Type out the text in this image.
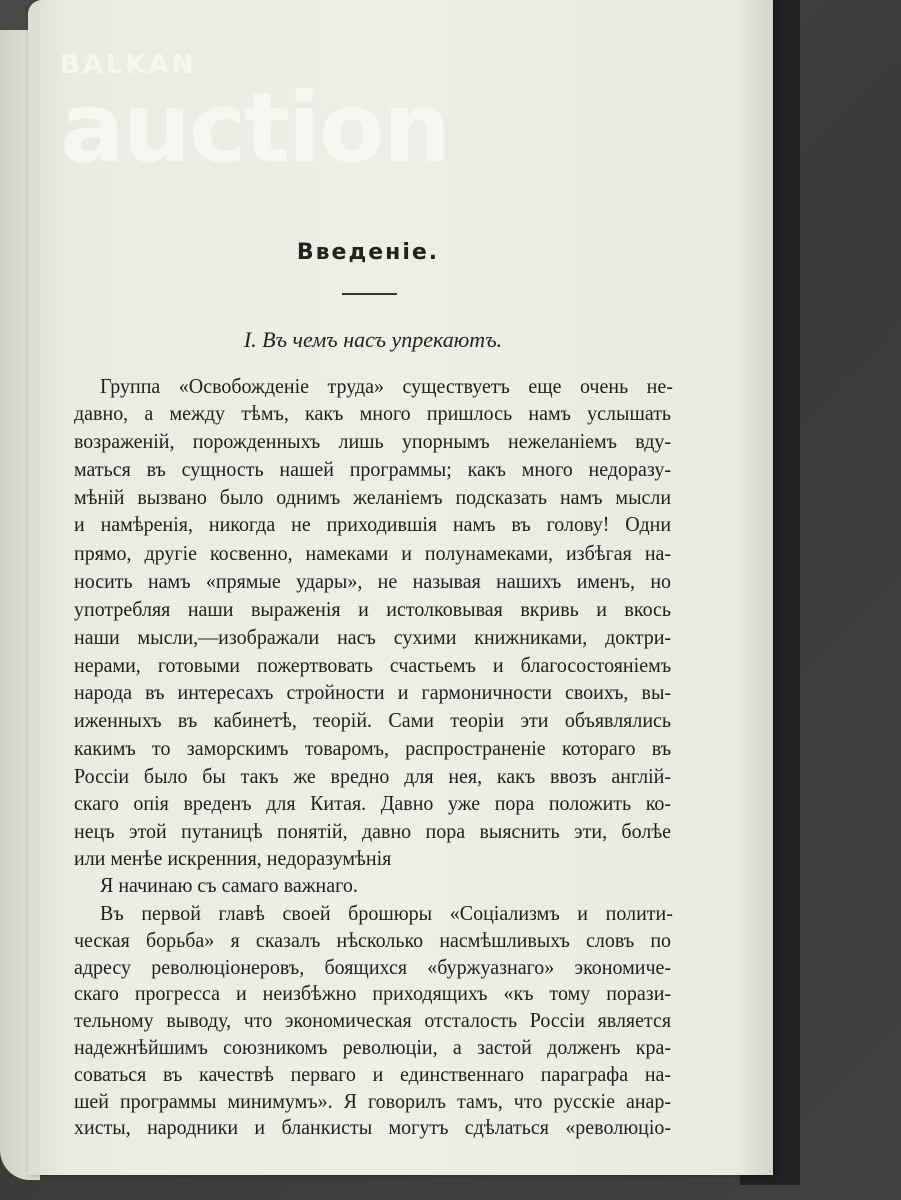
Введенie.
I. Въ чемъ насъ упрекаютъ.
Группа «Освобожденіе труда» существуетъ еще очень не-
давно, а между тѣмъ, какъ много пришлось намъ услышать
возраженій, порожденныхъ лишь упорнымъ нежеланіемъ вду-
маться въ сущность нашей программы; какъ много недоразу-
мѣній вызвано было однимъ желаніемъ подсказать намъ мысли
и намѣренія, никогда не приходившія намъ въ голову! Одни
прямо, другіе косвенно, намеками и полунамеками, избѣгая на-
носить намъ «прямые удары», не называя нашихъ именъ, но
употребляя наши выраженія и истолковывая вкривь и вкось
наши мысли,—изображали насъ сухими книжниками, доктри-
нерами, готовыми пожертвовать счастьемъ и благосостояніемъ
народа въ интересахъ стройности и гармоничности своихъ, вы-
иженныхъ въ кабинетѣ, теорій. Сами теоріи эти объявлялись
какимъ то заморскимъ товаромъ, распространеніе котораго въ
Россіи было бы такъ же вредно для нея, какъ ввозъ англій-
скаго опія вреденъ для Китая. Давно уже пора положить ко-
нецъ этой путаницѣ понятій, давно пора выяснить эти, болѣе
или менѣе искренния, недоразумѣнія
Я начинаю съ самаго важнаго.
Въ первой главѣ своей брошюры «Соціализмъ и полити-
ческая борьба» я сказалъ нѣсколько насмѣшливыхъ словъ по
адресу революціонеровъ, боящихся «буржуазнаго» экономиче-
скаго прогресса и неизбѣжно приходящихъ «къ тому порази-
тельному выводу, что экономическая отсталость Россіи является
надежнѣйшимъ союзникомъ революціи, а застой долженъ кра-
соваться въ качествѣ перваго и единственнаго параграфа на-
шей программы минимумъ». Я говорилъ тамъ, что русскіе анар-
хисты, народники и бланкисты могутъ сдѣлаться «революціо-
BALKAN
auction
